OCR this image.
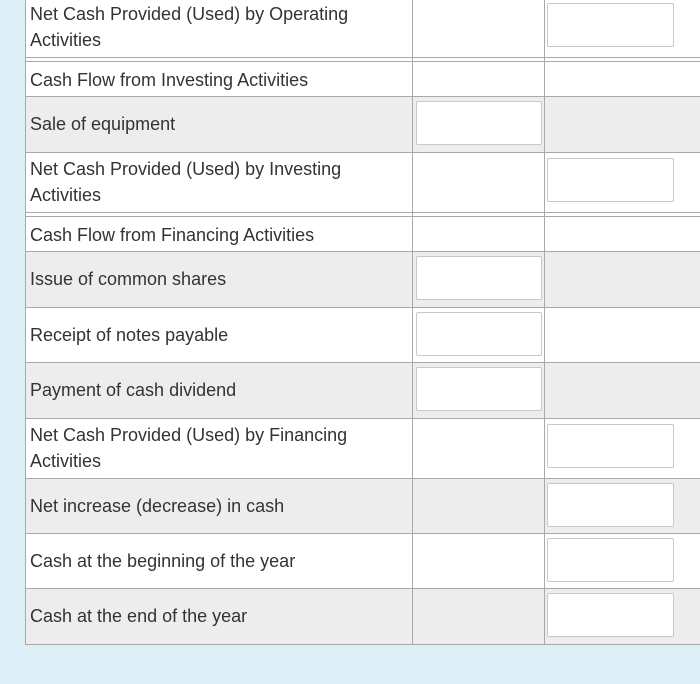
Net Cash Provided (Used) by Operating Activities
Cash Flow from Investing Activities
Sale of equipment
Net Cash Provided (Used) by Investing Activities
Cash Flow from Financing Activities
Issue of common shares
Receipt of notes payable
Payment of cash dividend
Net Cash Provided (Used) by Financing Activities
Net increase (decrease) in cash
Cash at the beginning of the year
Cash at the end of the year
